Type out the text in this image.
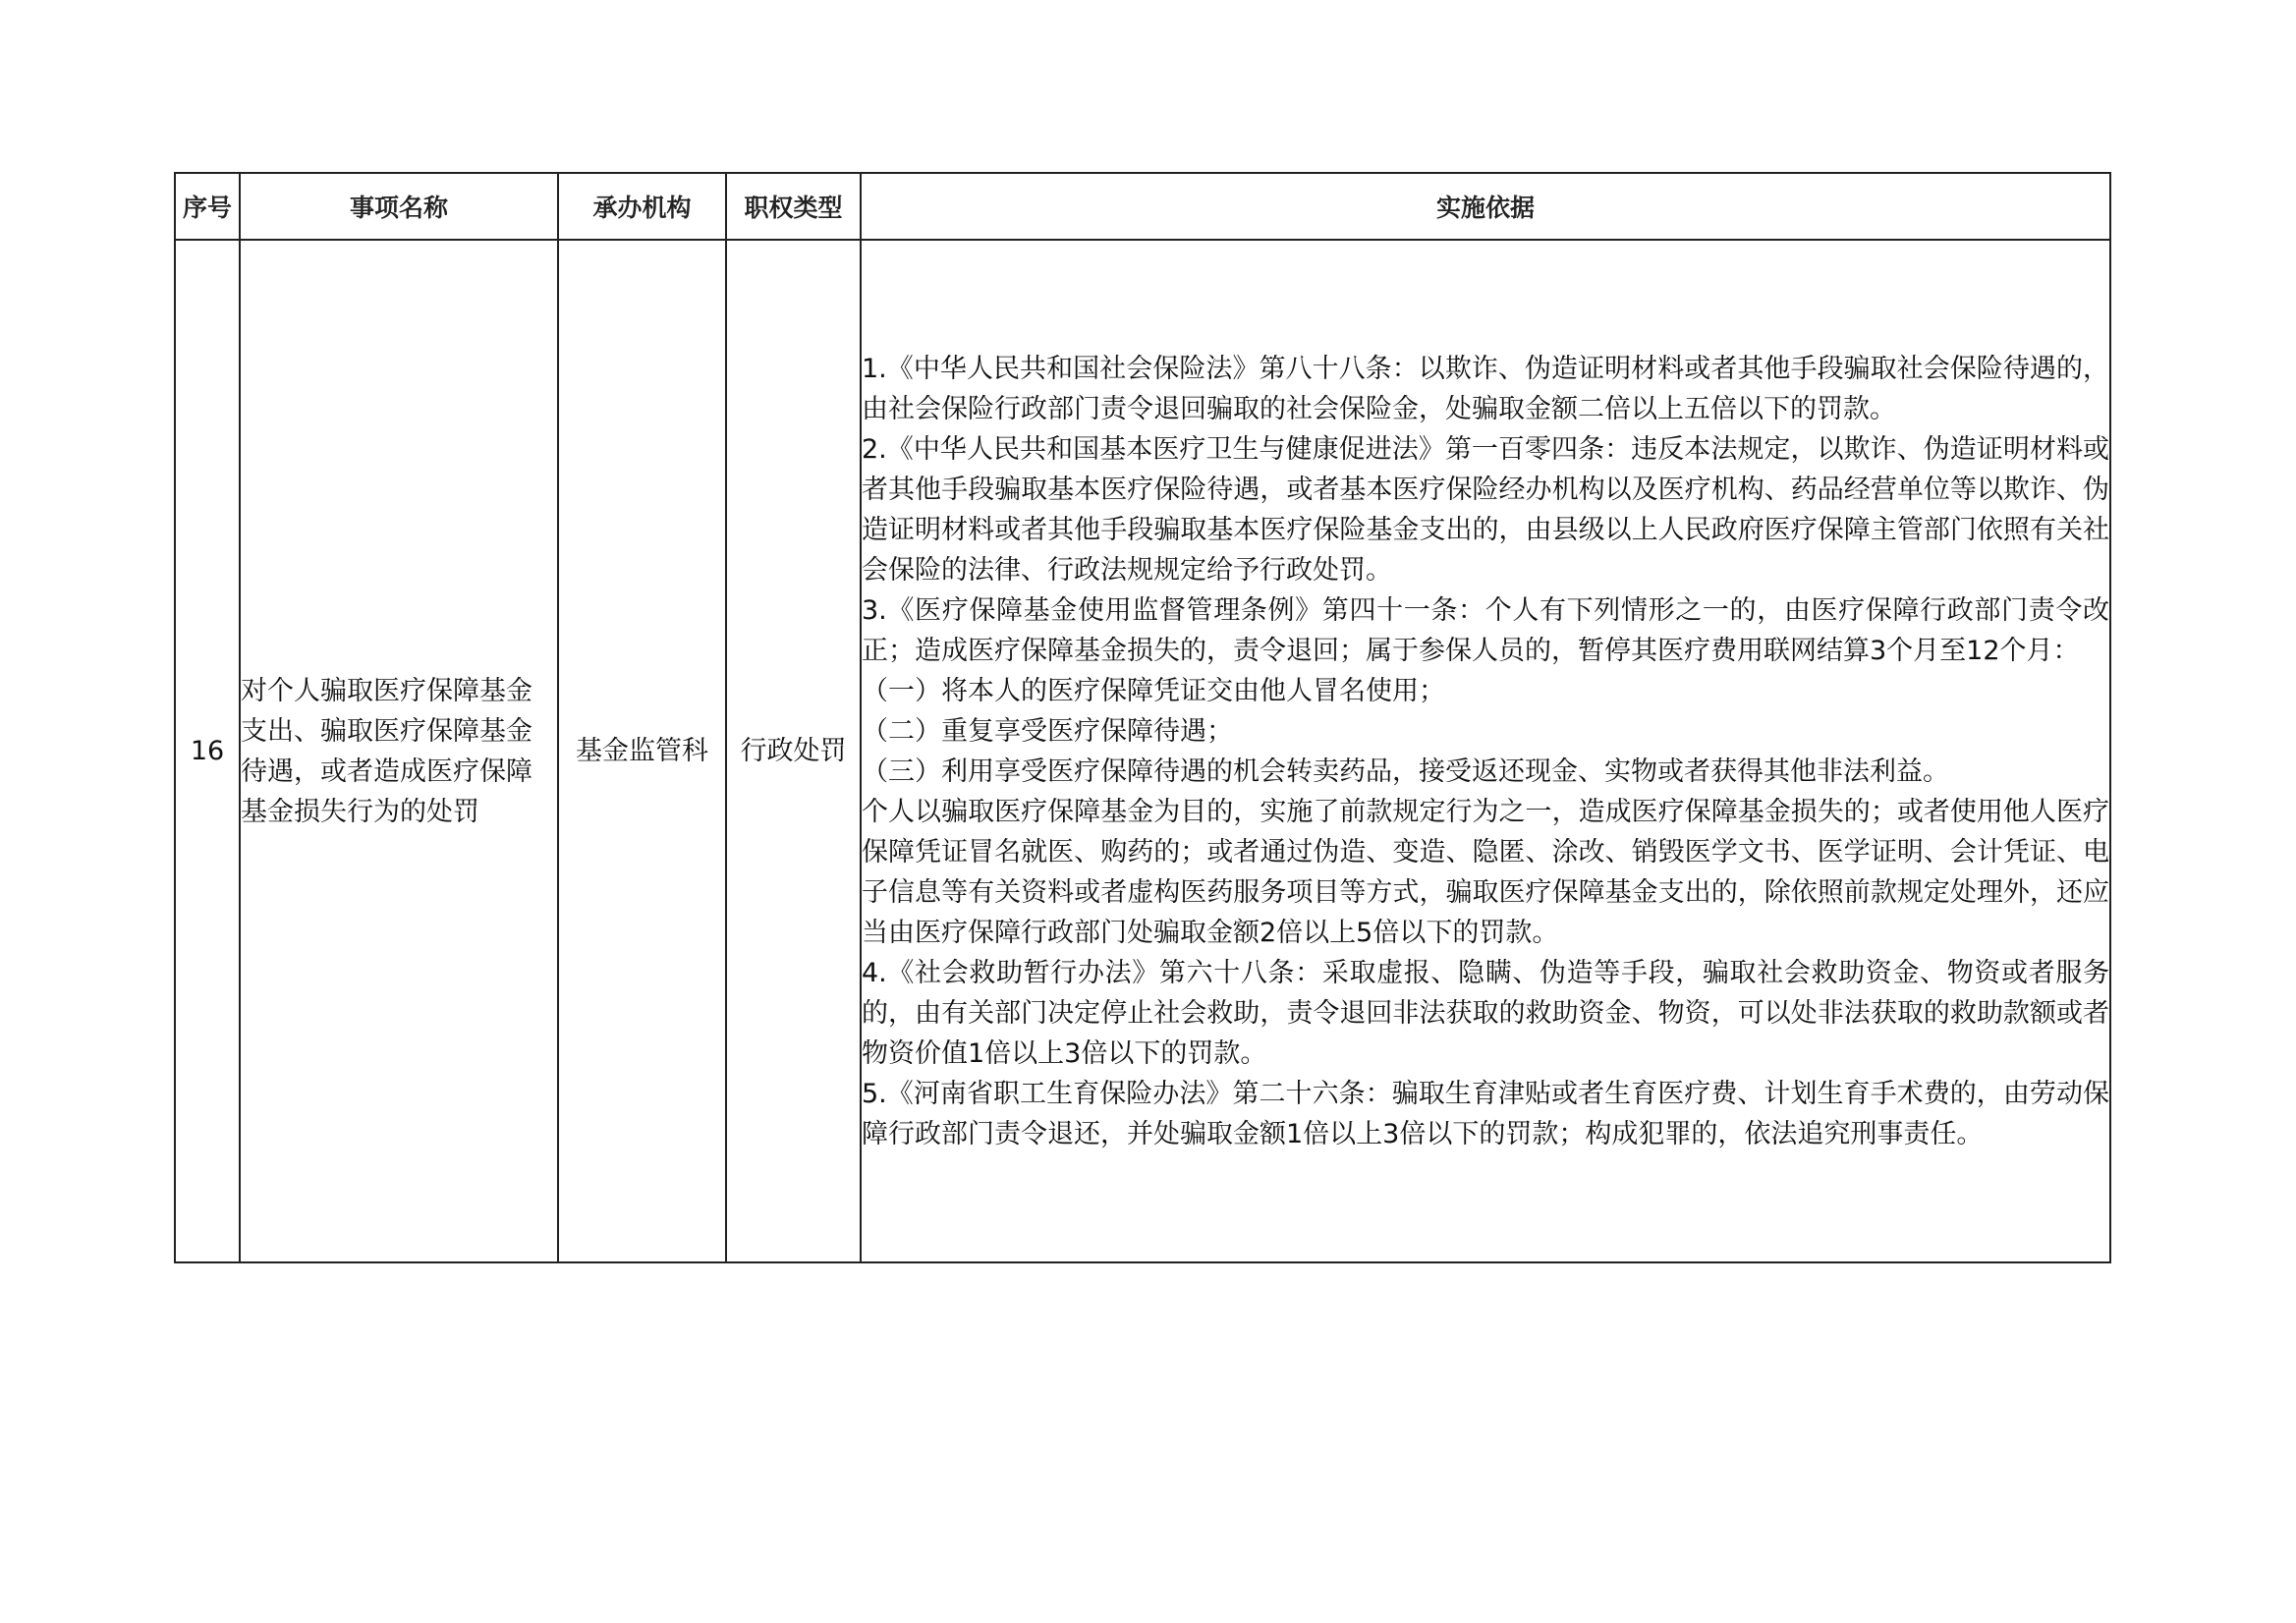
序号	事项名称	承办机构	职权类型	实施依据
16	对个人骗取医疗保障基金支出、骗取医疗保障基金待遇，或者造成医疗保障基金损失行为的处罚	基金监管科	行政处罚	

1.《中华人民共和国社会保险法》第八十八条：以欺诈、伪造证明材料或者其他手段骗取社会保险待遇的，由社会保险行政部门责令退回骗取的社会保险金，处骗取金额二倍以上五倍以下的罚款。

2.《中华人民共和国基本医疗卫生与健康促进法》第一百零四条：违反本法规定，以欺诈、伪造证明材料或者其他手段骗取基本医疗保险待遇，或者基本医疗保险经办机构以及医疗机构、药品经营单位等以欺诈、伪造证明材料或者其他手段骗取基本医疗保险基金支出的，由县级以上人民政府医疗保障主管部门依照有关社会保险的法律、行政法规规定给予行政处罚。

3.《医疗保障基金使用监督管理条例》第四十一条：个人有下列情形之一的，由医疗保障行政部门责令改正；造成医疗保障基金损失的，责令退回；属于参保人员的，暂停其医疗费用联网结算3个月至12个月：

（一）将本人的医疗保障凭证交由他人冒名使用；

（二）重复享受医疗保障待遇；

（三）利用享受医疗保障待遇的机会转卖药品，接受返还现金、实物或者获得其他非法利益。

个人以骗取医疗保障基金为目的，实施了前款规定行为之一，造成医疗保障基金损失的；或者使用他人医疗保障凭证冒名就医、购药的；或者通过伪造、变造、隐匿、涂改、销毁医学文书、医学证明、会计凭证、电子信息等有关资料或者虚构医药服务项目等方式，骗取医疗保障基金支出的，除依照前款规定处理外，还应当由医疗保障行政部门处骗取金额2倍以上5倍以下的罚款。

4.《社会救助暂行办法》第六十八条：采取虚报、隐瞒、伪造等手段，骗取社会救助资金、物资或者服务的，由有关部门决定停止社会救助，责令退回非法获取的救助资金、物资，可以处非法获取的救助款额或者物资价值1倍以上3倍以下的罚款。

5.《河南省职工生育保险办法》第二十六条：骗取生育津贴或者生育医疗费、计划生育手术费的，由劳动保障行政部门责令退还，并处骗取金额1倍以上3倍以下的罚款；构成犯罪的，依法追究刑事责任。
